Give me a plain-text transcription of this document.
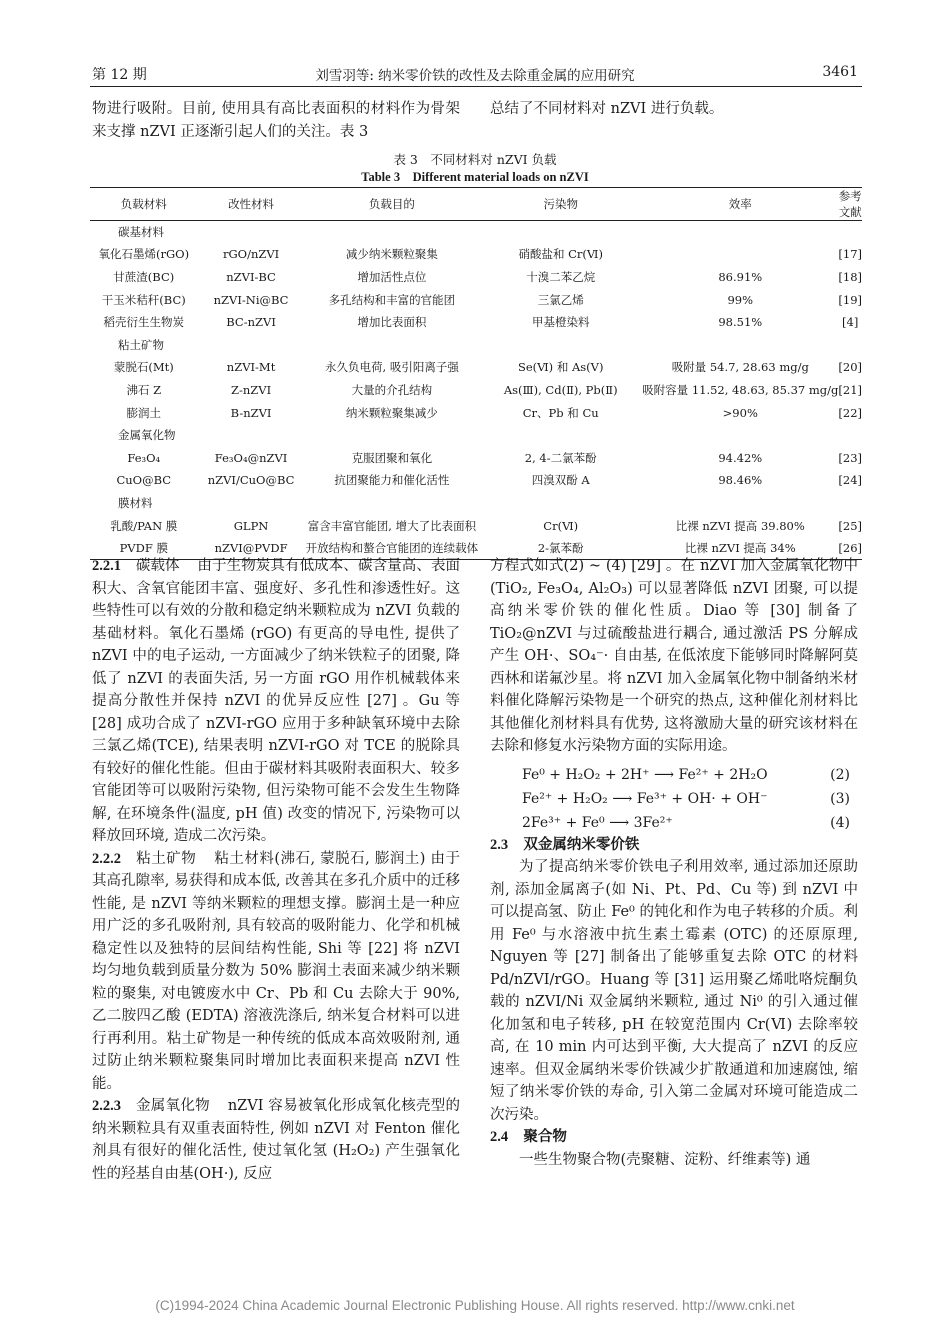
第 12 期	刘雪羽等: 纳米零价铁的改性及去除重金属的应用研究	3461

物进行吸附。目前, 使用具有高比表面积的材料作为骨架来支撑 nZVI 正逐渐引起人们的关注。表 3

总结了不同材料对 nZVI 进行负载。

表 3　不同材料对 nZVI 负载
Table 3　Different material loads on nZVI
负载材料	改性材料	负载目的	污染物	效率	参考文献
碳基材料					
氧化石墨烯(rGO)	rGO/nZVI	减少纳米颗粒聚集	硝酸盐和 Cr(Ⅵ)		[17]
甘蔗渣(BC)	nZVI-BC	增加活性点位	十溴二苯乙烷	86.91%	[18]
干玉米秸秆(BC)	nZVI-Ni@BC	多孔结构和丰富的官能团	三氯乙烯	99%	[19]
稻壳衍生生物炭	BC-nZVI	增加比表面积	甲基橙染料	98.51%	[4]
粘土矿物					
蒙脱石(Mt)	nZVI-Mt	永久负电荷, 吸引阳离子强	Se(Ⅵ) 和 As(Ⅴ)	吸附量 54.7, 28.63 mg/g	[20]
沸石 Z	Z-nZVI	大量的介孔结构	As(Ⅲ), Cd(Ⅱ), Pb(Ⅱ)	吸附容量 11.52, 48.63, 85.37 mg/g	[21]
膨润土	B-nZVI	纳米颗粒聚集减少	Cr、Pb 和 Cu	>90%	[22]
金属氧化物					
Fe₃O₄	Fe₃O₄@nZVI	克服团聚和氧化	2, 4-二氯苯酚	94.42%	[23]
CuO@BC	nZVI/CuO@BC	抗团聚能力和催化活性	四溴双酚 A	98.46%	[24]
膜材料					
乳酸/PAN 膜	GLPN	富含丰富官能团, 增大了比表面积	Cr(Ⅵ)	比裸 nZVI 提高 39.80%	[25]
PVDF 膜	nZVI@PVDF	开放结构和螯合官能团的连续载体	2-氯苯酚	比裸 nZVI 提高 34%	[26]

2.2.1 碳载体 由于生物炭具有低成本、碳含量高、表面积大、含氧官能团丰富、强度好、多孔性和渗透性好。这些特性可以有效的分散和稳定纳米颗粒成为 nZVI 负载的基础材料。氧化石墨烯 (rGO) 有更高的导电性, 提供了 nZVI 中的电子运动, 一方面减少了纳米铁粒子的团聚, 降低了 nZVI 的表面失活, 另一方面 rGO 用作机械载体来提高分散性并保持 nZVI 的优异反应性 [27] 。Gu 等 [28] 成功合成了 nZVI-rGO 应用于多种缺氧环境中去除三氯乙烯(TCE), 结果表明 nZVI-rGO 对 TCE 的脱除具有较好的催化性能。但由于碳材料其吸附表面积大、较多官能团等可以吸附污染物, 但污染物可能不会发生生物降解, 在环境条件(温度, pH 值) 改变的情况下, 污染物可以释放回环境, 造成二次污染。

2.2.2 粘土矿物 粘土材料(沸石, 蒙脱石, 膨润土) 由于其高孔隙率, 易获得和成本低, 改善其在多孔介质中的迁移性能, 是 nZVI 等纳米颗粒的理想支撑。膨润土是一种应用广泛的多孔吸附剂, 具有较高的吸附能力、化学和机械稳定性以及独特的层间结构性能, Shi 等 [22] 将 nZVI 均匀地负载到质量分数为 50% 膨润土表面来减少纳米颗粒的聚集, 对电镀废水中 Cr、Pb 和 Cu 去除大于 90%, 乙二胺四乙酸 (EDTA) 溶液洗涤后, 纳米复合材料可以进行再利用。粘土矿物是一种传统的低成本高效吸附剂, 通过防止纳米颗粒聚集同时增加比表面积来提高 nZVI 性能。

2.2.3 金属氧化物 nZVI 容易被氧化形成氧化核壳型的纳米颗粒具有双重表面特性, 例如 nZVI 对 Fenton 催化剂具有很好的催化活性, 使过氧化氢 (H₂O₂) 产生强氧化性的羟基自由基(OH·), 反应

方程式如式(2) ~ (4) [29] 。在 nZVI 加入金属氧化物中(TiO₂, Fe₃O₄, Al₂O₃) 可以显著降低 nZVI 团聚, 可以提高纳米零价铁的催化性质。Diao 等 [30] 制备了 TiO₂@nZVI 与过硫酸盐进行耦合, 通过激活 PS 分解成产生 OH·、SO₄⁻· 自由基, 在低浓度下能够同时降解阿莫西林和诺氟沙星。将 nZVI 加入金属氧化物中制备纳米材料催化降解污染物是一个研究的热点, 这种催化剂材料比其他催化剂材料具有优势, 这将激励大量的研究该材料在去除和修复水污染物方面的实际用途。

Fe⁰ + H₂O₂ + 2H⁺ ⟶ Fe²⁺ + 2H₂O	(2)
Fe²⁺ + H₂O₂ ⟶ Fe³⁺ + OH· + OH⁻	(3)
2Fe³⁺ + Fe⁰ ⟶ 3Fe²⁺	(4)

2.3 双金属纳米零价铁

为了提高纳米零价铁电子利用效率, 通过添加还原助剂, 添加金属离子(如 Ni、Pt、Pd、Cu 等) 到 nZVI 中可以提高氢、防止 Fe⁰ 的钝化和作为电子转移的介质。利用 Fe⁰ 与水溶液中抗生素土霉素 (OTC) 的还原原理, Nguyen 等 [27] 制备出了能够重复去除 OTC 的材料 Pd/nZVI/rGO。Huang 等 [31] 运用聚乙烯吡咯烷酮负载的 nZVI/Ni 双金属纳米颗粒, 通过 Ni⁰ 的引入通过催化加氢和电子转移, pH 在较宽范围内 Cr(Ⅵ) 去除率较高, 在 10 min 内可达到平衡, 大大提高了 nZVI 的反应速率。但双金属纳米零价铁减少扩散通道和加速腐蚀, 缩短了纳米零价铁的寿命, 引入第二金属对环境可能造成二次污染。

2.4 聚合物

一些生物聚合物(壳聚糖、淀粉、纤维素等) 通

(C)1994-2024 China Academic Journal Electronic Publishing House. All rights reserved. http://www.cnki.net
